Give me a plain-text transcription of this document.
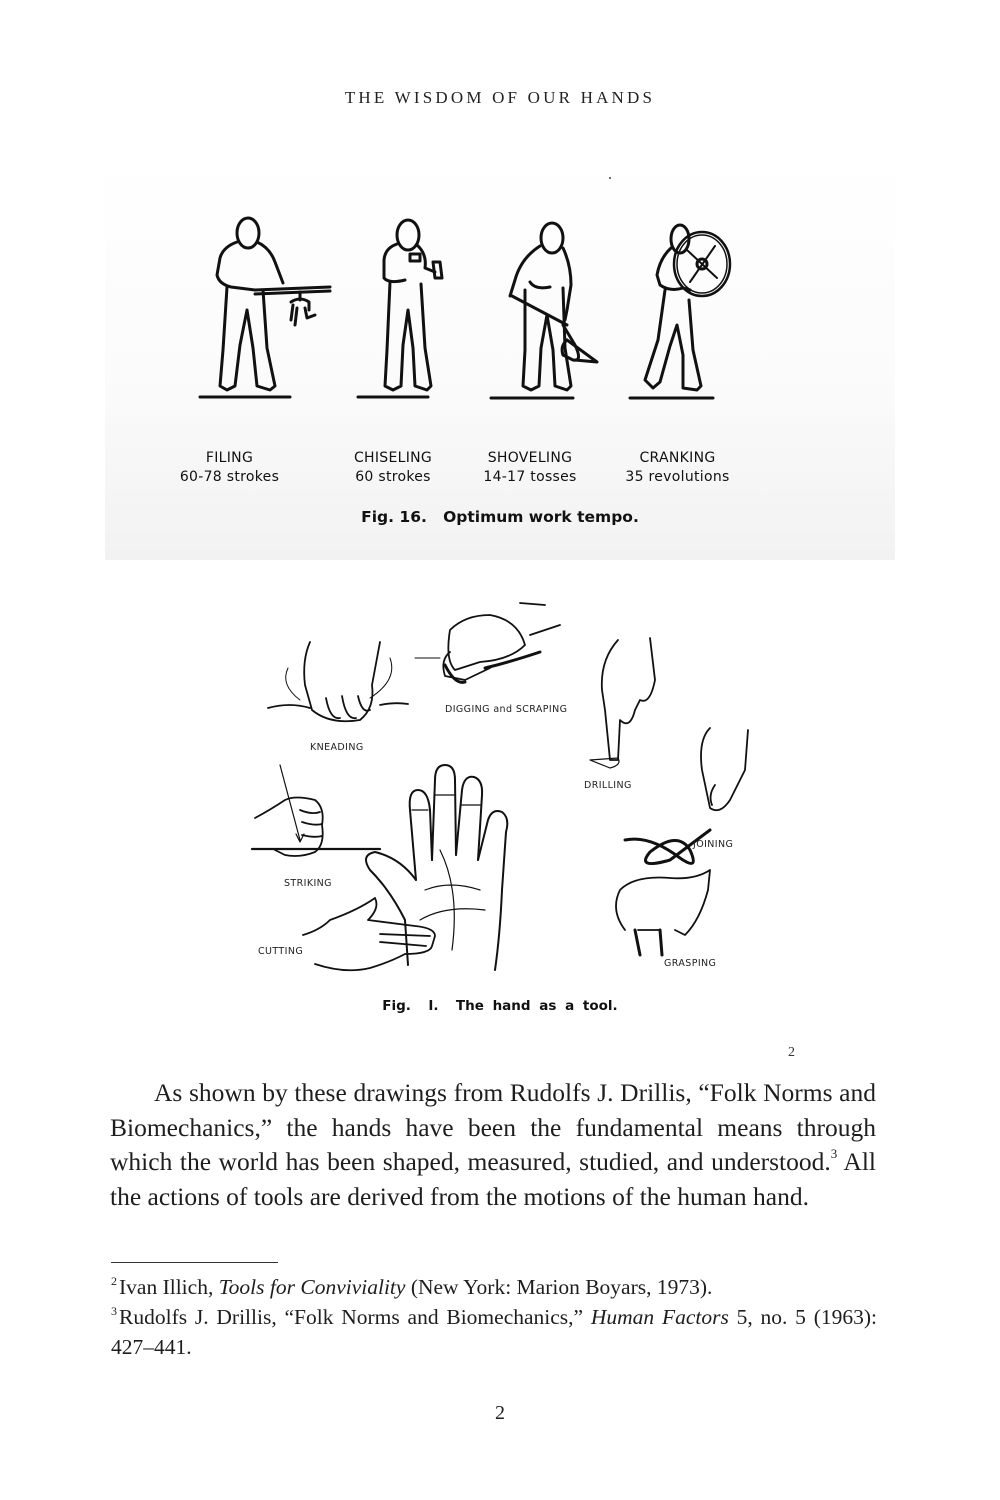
THE WISDOM OF OUR HANDS
FILING
60-78 strokes
CHISELING
60 strokes
SHOVELING
14-17 tosses
CRANKING
35 revolutions
Fig. 16.   Optimum work tempo.
KNEADING
DIGGING and SCRAPING
DRILLING
JOINING
STRIKING
CUTTING
GRASPING
Fig.  I.  The hand as a tool.
2

As shown by these drawings from Rudolfs J. Drillis, “Folk Norms and Biomechanics,” the hands have been the fundamental means through which the world has been shaped, measured, studied, and understood.$^3$ All the actions of tools are derived from the motions of the human hand.

$^2$Ivan Illich, Tools for Conviviality (New York: Marion Boyars, 1973).

$^3$Rudolfs J. Drillis, “Folk Norms and Biomechanics,” Human Factors 5, no. 5 (1963): 427–441.

2
